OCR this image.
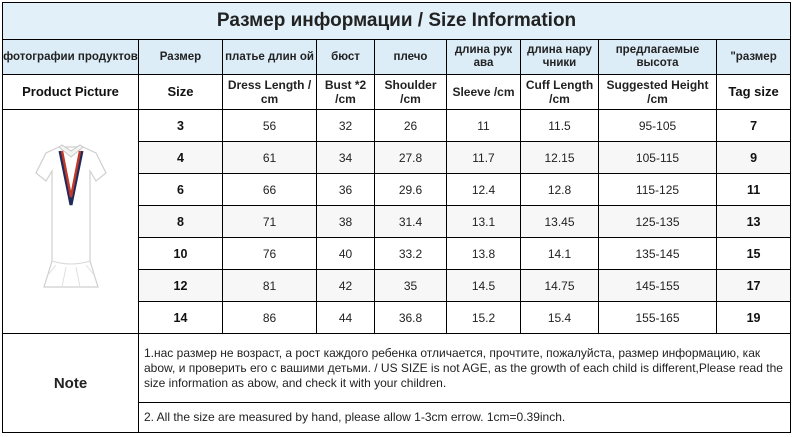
Размер информации / Size Information								
фотографии продуктов	Размер	платье длин ой	бюст	плечо	длина рук ава	длина нару чники	предлагаемые высота	"размер
Product Picture	Size	Dress Length / cm	Bust *2 /cm	Shoulder /cm	Sleeve /cm	Cuff Length /cm	Suggested Height /cm	Tag size

	3	56	32	26	11	11.5	95-105	7
	4	61	34	27.8	11.7	12.15	105-115	9
	6	66	36	29.6	12.4	12.8	115-125	11
	8	71	38	31.4	13.1	13.45	125-135	13
	10	76	40	33.2	13.8	14.1	135-145	15
	12	81	42	35	14.5	14.75	145-155	17
	14	86	44	36.8	15.2	15.4	155-165	19
Note	1.нас размер не возраст, а рост каждого ребенка отличается, прочтите, пожалуйста, размер информацию, как abow, и проверить его с вашими детьми. / US SIZE is not AGE, as the growth of each child is different,Please read the size information as abow, and check it with your children.							
	2. All the size are measured by hand, please allow 1-3cm errow. 1cm=0.39inch.							
